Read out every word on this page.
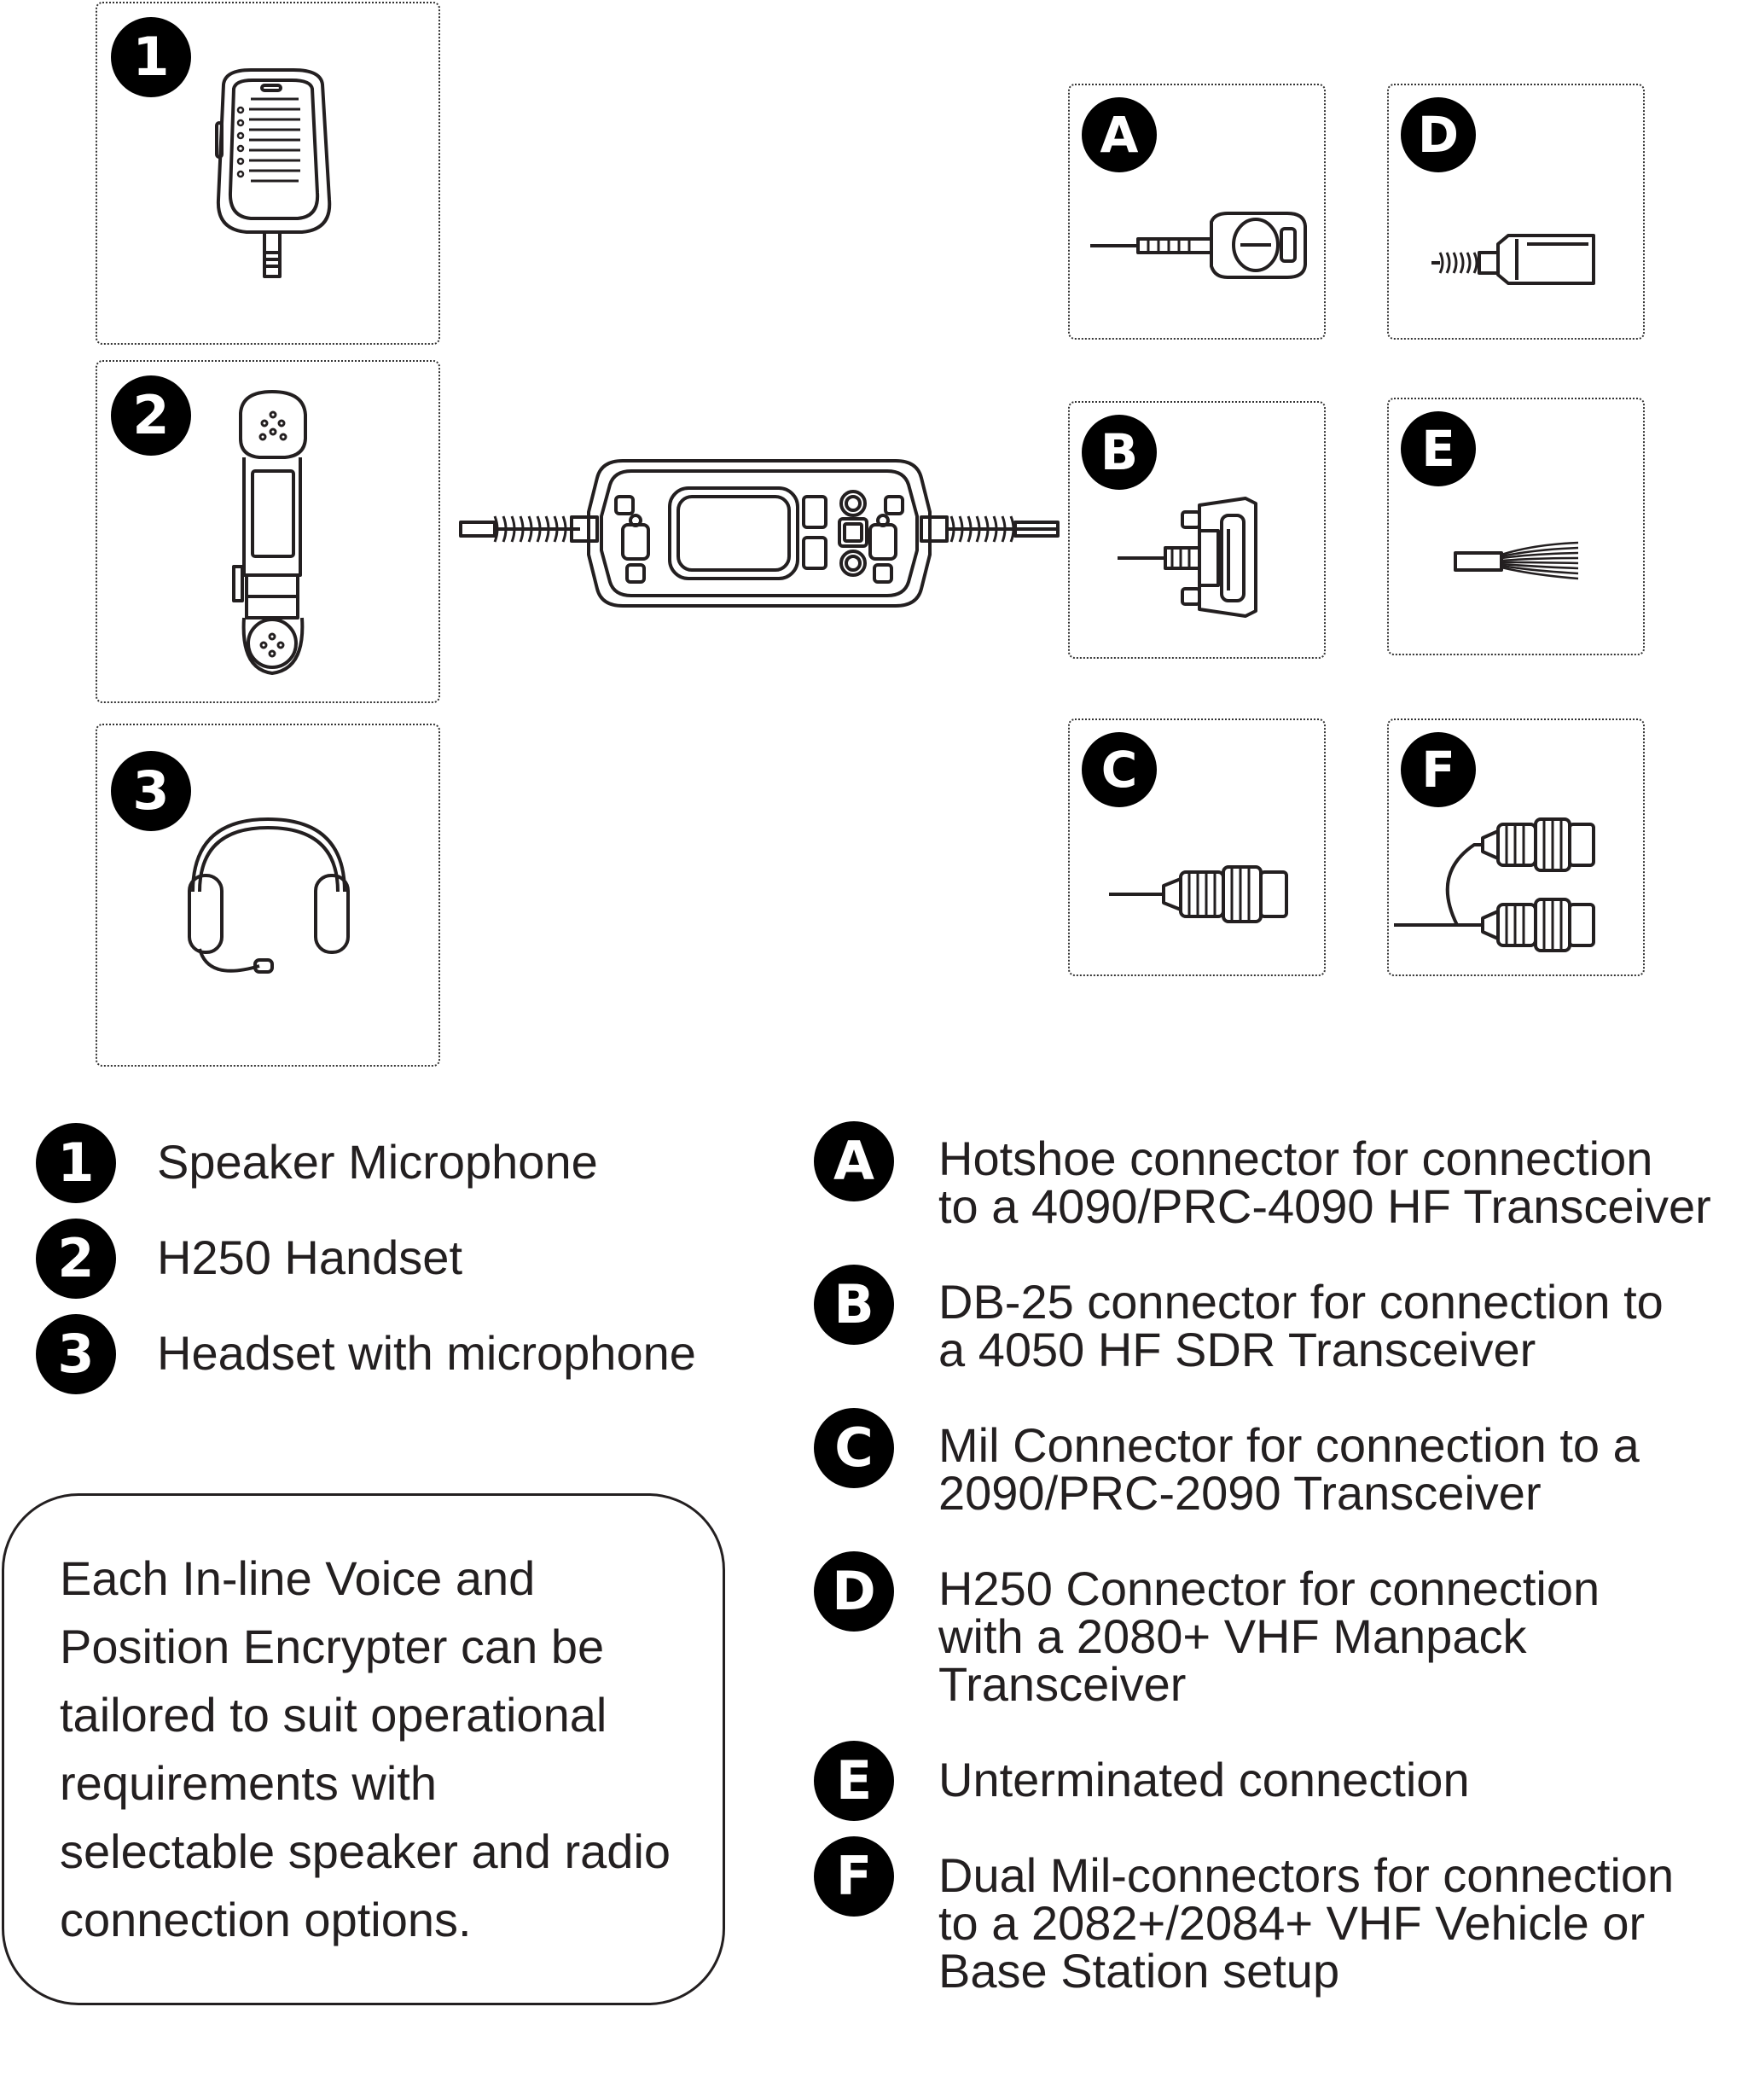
1
2
3
A	D
B	E
C	F
1	Speaker Microphone
2	H250 Handset
3	Headset with microphone
Each In-line Voice and
Position Encrypter can be
tailored to suit operational
requirements with
selectable speaker and radio
connection options.
A	Hotshoe connector for connection
to a 4090/PRC-4090 HF Transceiver
B	DB-25 connector for connection to
a 4050 HF SDR Transceiver
C	Mil Connector for connection to a
2090/PRC-2090 Transceiver
D	H250 Connector for connection
with a 2080+ VHF Manpack
Transceiver
E	Unterminated connection
F	Dual Mil-connectors for connection
to a 2082+/2084+ VHF Vehicle or
Base Station setup
